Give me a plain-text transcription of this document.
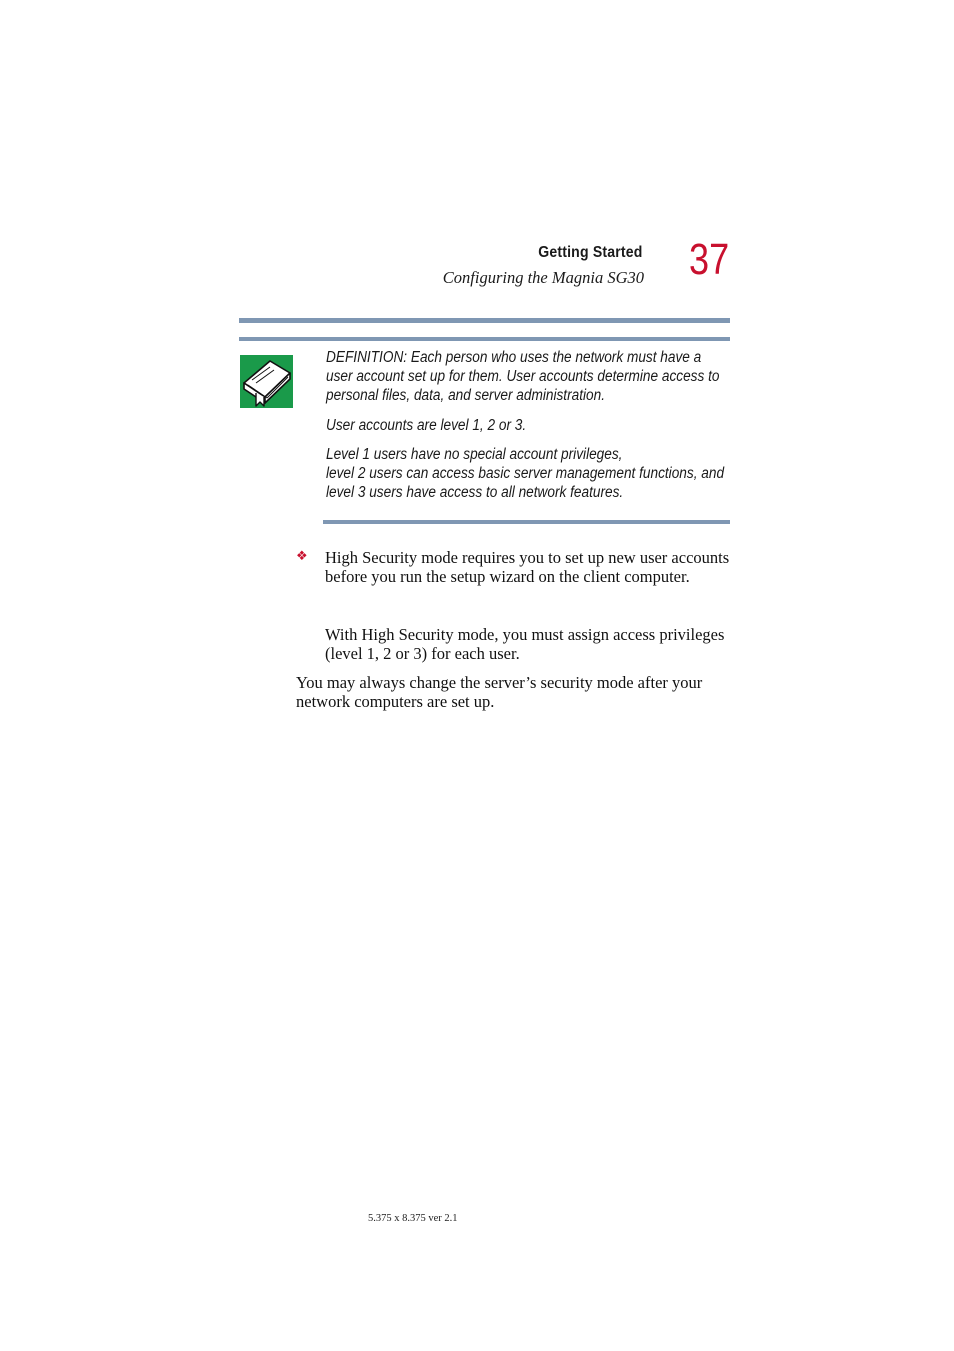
Getting Started
Configuring the Magnia SG30 37

DEFINITION: Each person who uses the network must have a user account set up for them. User accounts determine access to personal files, data, and server administration.

User accounts are level 1, 2 or 3.

Level 1 users have no special account privileges,

level 2 users can access basic server management functions, and

level 3 users have access to all network features.

❖ High Security mode requires you to set up new user accounts before you run the setup wizard on the client computer.

With High Security mode, you must assign access privileges (level 1, 2 or 3) for each user.

You may always change the server’s security mode after your network computers are set up.

5.375 x 8.375 ver 2.1
